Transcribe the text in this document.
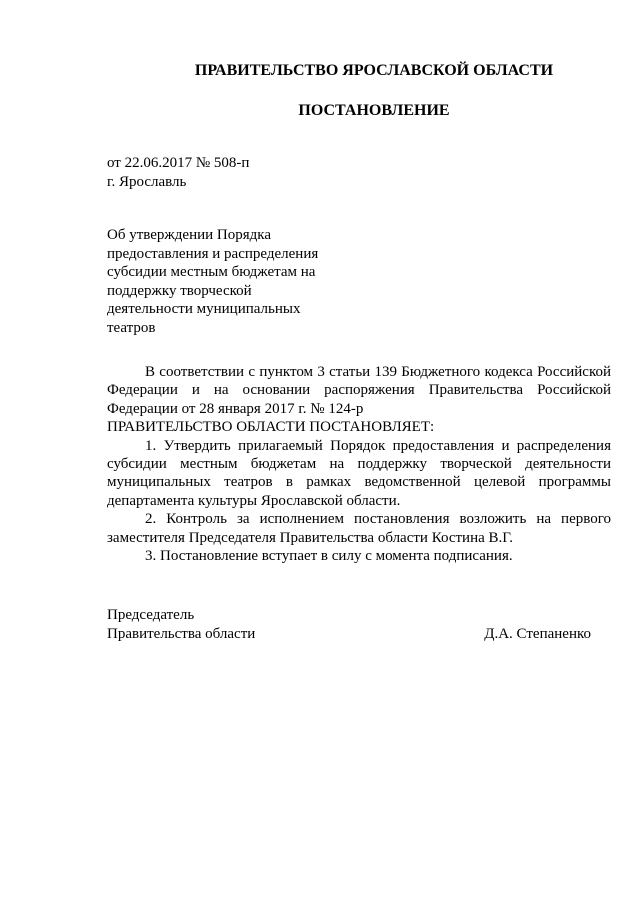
ПРАВИТЕЛЬСТВО ЯРОСЛАВСКОЙ ОБЛАСТИ
ПОСТАНОВЛЕНИЕ
от 22.06.2017 № 508-п
г. Ярославль
Об утверждении Порядка
предоставления и распределения
субсидии местным бюджетам на
поддержку творческой
деятельности муниципальных
театров

В соответствии с пунктом 3 статьи 139 Бюджетного кодекса Российской Федерации и на основании распоряжения Правительства Российской Федерации от 28 января 2017 г. № 124-р

ПРАВИТЕЛЬСТВО ОБЛАСТИ ПОСТАНОВЛЯЕТ:

1. Утвердить прилагаемый Порядок предоставления и распределения субсидии местным бюджетам на поддержку творческой деятельности муниципальных театров в рамках ведомственной целевой программы департамента культуры Ярославской области.

2. Контроль за исполнением постановления возложить на первого заместителя Председателя Правительства области Костина В.Г.

3. Постановление вступает в силу с момента подписания.

Председатель
Правительства области	Д.А. Степаненко
